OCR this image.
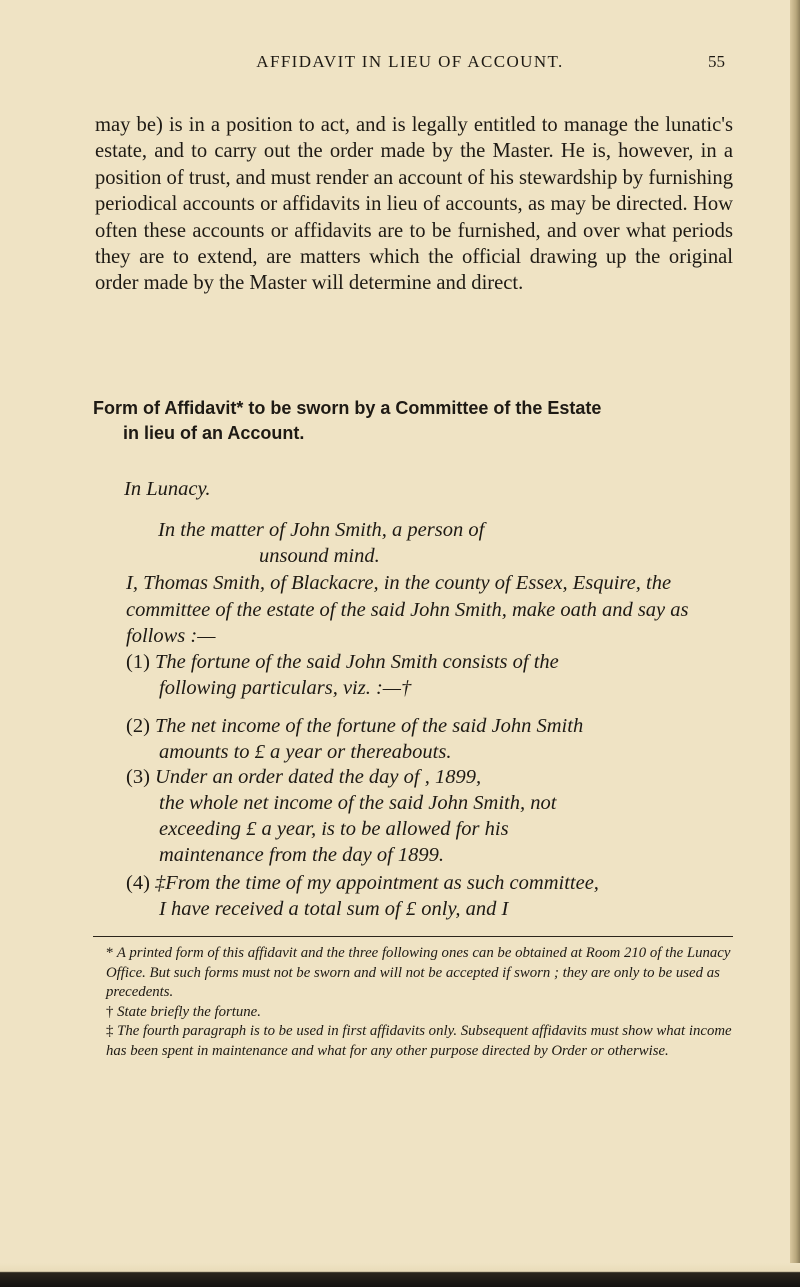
AFFIDAVIT IN LIEU OF ACCOUNT.	55
may be) is in a position to act, and is legally entitled to manage the lunatic's estate, and to carry out the order made by the Master. He is, however, in a position of trust, and must render an account of his stewardship by furnishing periodical accounts or affidavits in lieu of accounts, as may be directed. How often these accounts or affidavits are to be furnished, and over what periods they are to extend, are matters which the official drawing up the original order made by the Master will determine and direct.
Form of Affidavit* to be sworn by a Committee of the Estate
in lieu of an Account.
In Lunacy.
In the matter of John Smith, a person of
unsound mind.
I, Thomas Smith, of Blackacre, in the county of Essex, Esquire, the committee of the estate of the said John Smith, make oath and say as follows :—
(1) The fortune of the said John Smith consists of the
following particulars, viz. :—†
(2) The net income of the fortune of the said John Smith
amounts to £ a year or thereabouts.
(3) Under an order dated the day of , 1899,
the whole net income of the said John Smith, not
exceeding £ a year, is to be allowed for his
maintenance from the day of 1899.
* A printed form of this affidavit and the three following ones can be obtained at Room 210 of the Lunacy Office. But such forms must not be sworn and will not be accepted if sworn ; they are only to be used as precedents.
† State briefly the fortune.
‡ The fourth paragraph is to be used in first affidavits only. Subsequent affidavits must show what income has been spent in maintenance and what for any other purpose directed by Order or otherwise.
(4) ‡From the time of my appointment as such committee,
I have received a total sum of £ only, and I
